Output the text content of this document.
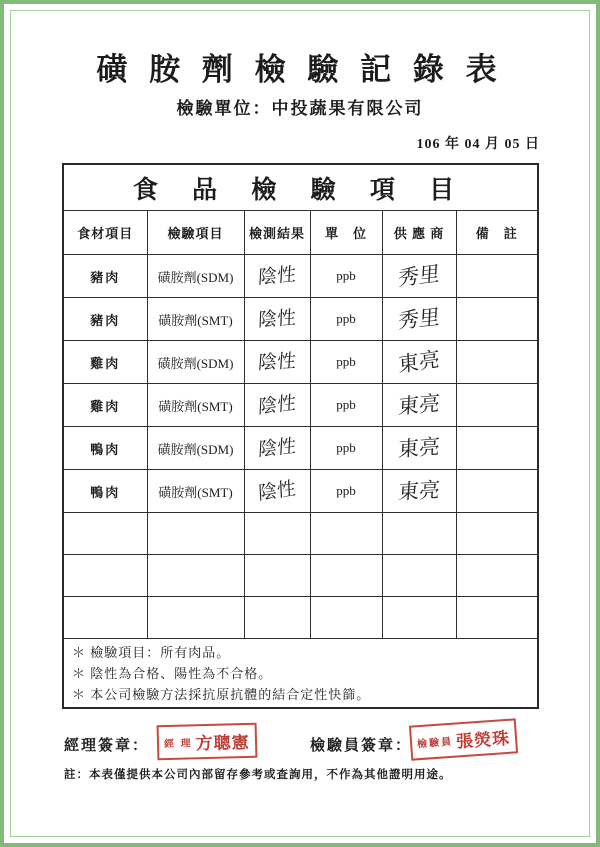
磺 胺 劑 檢 驗 記 錄 表
檢驗單位：中投蔬果有限公司
106 年 04 月 05 日
食 品 檢 驗 項 目					
食材項目	檢驗項目	檢測結果	單　位	供 應 商	備　註
豬肉	磺胺劑(SDM)	陰性	ppb	秀里	
豬肉	磺胺劑(SMT)	陰性	ppb	秀里	
雞肉	磺胺劑(SDM)	陰性	ppb	東亮	
雞肉	磺胺劑(SMT)	陰性	ppb	東亮	
鴨肉	磺胺劑(SDM)	陰性	ppb	東亮	
鴨肉	磺胺劑(SMT)	陰性	ppb	東亮	

＊ 檢驗項目：所有肉品。
＊ 陰性為合格、陽性為不合格。
＊ 本公司檢驗方法採抗原抗體的結合定性快篩。					
經理簽章： 經 理 方聰憲	檢驗員簽章： 檢驗員 張熒珠
註：本表僅提供本公司內部留存參考或查詢用，不作為其他證明用途。
